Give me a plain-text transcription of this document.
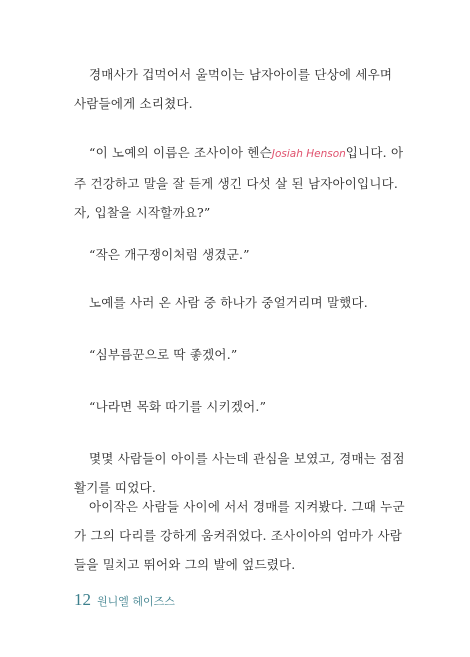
경매사가 겁먹어서 울먹이는 남자아이를 단상에 세우며 사람들에게 소리쳤다.

“이 노예의 이름은 조사이아 헨슨Josiah Henson입니다. 아주 건강하고 말을 잘 듣게 생긴 다섯 살 된 남자아이입니다. 자, 입찰을 시작할까요?”

“작은 개구쟁이처럼 생겼군.”

노예를 사러 온 사람 중 하나가 중얼거리며 말했다.

“심부름꾼으로 딱 좋겠어.”

“나라면 목화 따기를 시키겠어.”

몇몇 사람들이 아이를 사는데 관심을 보였고, 경매는 점점 활기를 띠었다.

아이작은 사람들 사이에 서서 경매를 지켜봤다. 그때 누군가 그의 다리를 강하게 움켜쥐었다. 조사이아의 엄마가 사람들을 밀치고 뛰어와 그의 발에 엎드렸다.

12 원니엘 헤이즈스
